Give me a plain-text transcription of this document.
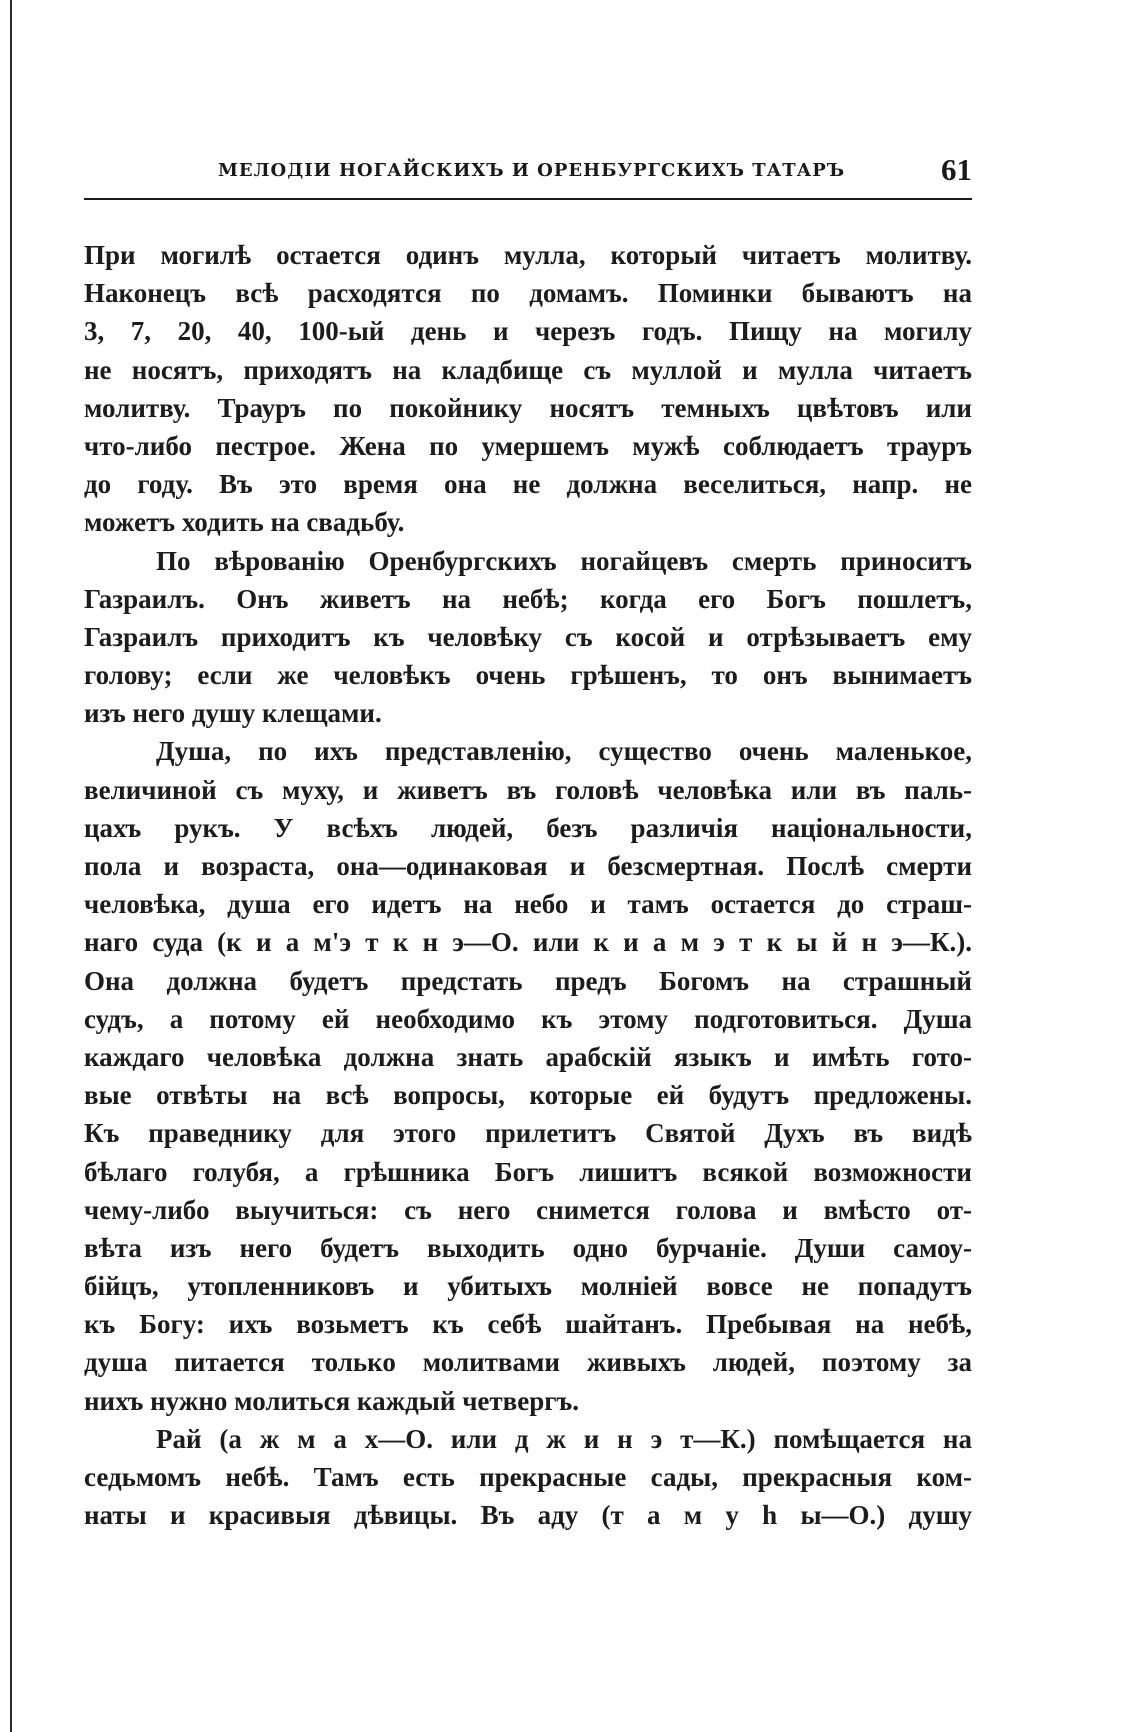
МЕЛОДІИ НОГАЙСКИХЪ И ОРЕНБУРГСКИХЪ ТАТАРЪ	61
При могилѣ остается одинъ мулла, который читаетъ молитву.
Наконецъ всѣ расходятся по домамъ. Поминки бываютъ на
3, 7, 20, 40, 100-ый день и черезъ годъ. Пищу на могилу
не носятъ, приходятъ на кладбище съ муллой и мулла читаетъ
молитву. Трауръ по покойнику носятъ темныхъ цвѣтовъ или
что-либо пестрое. Жена по умершемъ мужѣ соблюдаетъ трауръ
до году. Въ это время она не должна веселиться, напр. не
можетъ ходить на свадьбу.
По вѣрованію Оренбургскихъ ногайцевъ смерть приноситъ
Газраилъ. Онъ живетъ на небѣ; когда его Богъ пошлетъ,
Газраилъ приходитъ къ человѣку съ косой и отрѣзываетъ ему
голову; если же человѣкъ очень грѣшенъ, то онъ вынимаетъ
изъ него душу клещами.
Душа, по ихъ представленію, существо очень маленькое,
величиной съ муху, и живетъ въ головѣ человѣка или въ паль-
цахъ рукъ. У всѣхъ людей, безъ различія національности,
пола и возраста, она—одинаковая и безсмертная. Послѣ смерти
человѣка, душа его идетъ на небо и тамъ остается до страш-
наго суда (к и а м'э т к н э—О. или к и а м э т к ы й н э—К.).
Она должна будетъ предстать предъ Богомъ на страшный
судъ, а потому ей необходимо къ этому подготовиться. Душа
каждаго человѣка должна знать арабскій языкъ и имѣть гото-
вые отвѣты на всѣ вопросы, которые ей будутъ предложены.
Къ праведнику для этого прилетитъ Святой Духъ въ видѣ
бѣлаго голубя, а грѣшника Богъ лишитъ всякой возможности
чему-либо выучиться: съ него снимется голова и вмѣсто от-
вѣта изъ него будетъ выходить одно бурчаніе. Души самоу-
бійцъ, утопленниковъ и убитыхъ молніей вовсе не попадутъ
къ Богу: ихъ возьметъ къ себѣ шайтанъ. Пребывая на небѣ,
душа питается только молитвами живыхъ людей, поэтому за
нихъ нужно молиться каждый четвергъ.
Рай (а ж м а х—О. или д ж и н э т—К.) помѣщается на
седьмомъ небѣ. Тамъ есть прекрасные сады, прекрасныя ком-
наты и красивыя дѣвицы. Въ аду (т а м у һ ы—О.) душу
